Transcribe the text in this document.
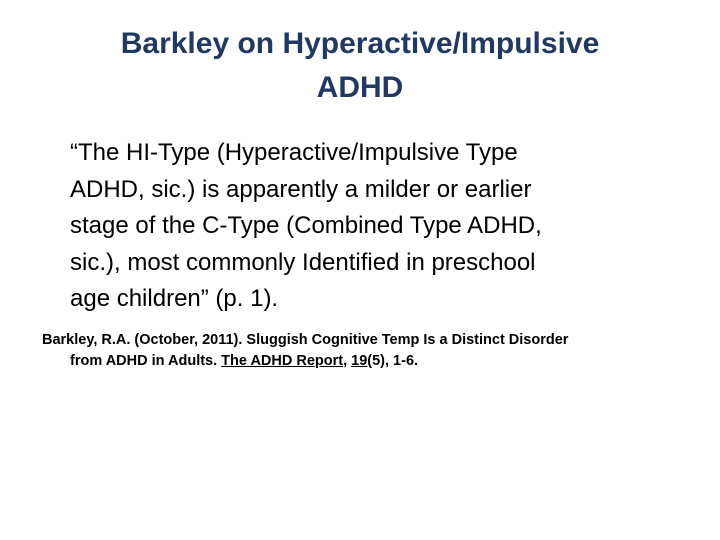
Barkley on Hyperactive/Impulsive
ADHD
“The HI-Type (Hyperactive/Impulsive Type
ADHD, sic.) is apparently a milder or earlier
stage of the C-Type (Combined Type ADHD,
sic.), most commonly Identified in preschool
age children” (p. 1).
Barkley, R.A. (October, 2011). Sluggish Cognitive Temp Is a Distinct Disorder
from ADHD in Adults. The ADHD Report, 19(5), 1-6.
